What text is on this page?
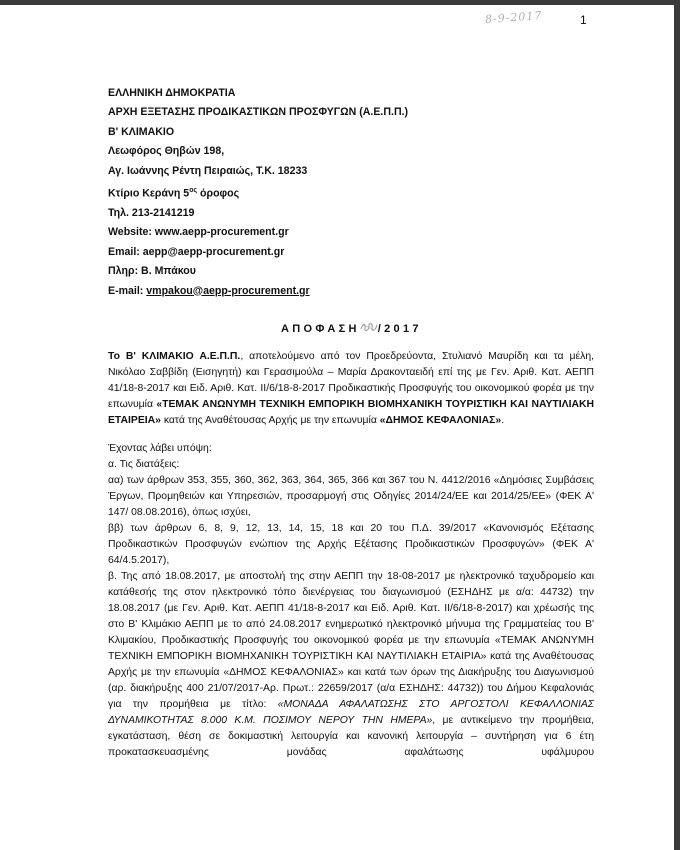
8-9-2017	1
ΕΛΛΗΝΙΚΗ ΔΗΜΟΚΡΑΤΙΑ
ΑΡΧΗ ΕΞΕΤΑΣΗΣ ΠΡΟΔΙΚΑΣΤΙΚΩΝ ΠΡΟΣΦΥΓΩΝ (Α.Ε.Π.Π.)
Β' ΚΛΙΜΑΚΙΟ
Λεωφόρος Θηβών 198,
Αγ. Ιωάννης Ρέντη Πειραιώς, Τ.Κ. 18233
Κτίριο Κεράνη $5^{o\varsigma}$ όροφος
Τηλ. 213-2141219
Website: www.aepp-procurement.gr
Email: aepp@aepp-procurement.gr
Πληρ: Β. Μπάκου
E-mail: vmpakou@aepp-procurement.gr
ΑΠΟΦΑΣΗ /2017

Το Β' ΚΛΙΜΑΚΙΟ Α.Ε.Π.Π., αποτελούμενο από τον Προεδρεύοντα, Στυλιανό Μαυρίδη και τα μέλη, Νικόλαο Σαββίδη (Εισηγητή) και Γερασιμούλα – Μαρία Δρακονταειδή επί της με Γεν. Αριθ. Κατ. ΑΕΠΠ 41/18-8-2017 και Ειδ. Αριθ. Κατ. ΙΙ/6/18-8-2017 Προδικαστικής Προσφυγής του οικονομικού φορέα με την επωνυμία «ΤΕΜΑΚ ΑΝΩΝΥΜΗ ΤΕΧΝΙΚΗ ΕΜΠΟΡΙΚΗ ΒΙΟΜΗΧΑΝΙΚΗ ΤΟΥΡΙΣΤΙΚΗ ΚΑΙ ΝΑΥΤΙΛΙΑΚΗ ΕΤΑΙΡΕΙΑ» κατά της Αναθέτουσας Αρχής με την επωνυμία «ΔΗΜΟΣ ΚΕΦΑΛΟΝΙΑΣ».

Έχοντας λάβει υπόψη:

α. Τις διατάξεις:

αα) των άρθρων 353, 355, 360, 362, 363, 364, 365, 366 και 367 του Ν. 4412/2016 «Δημόσιες Συμβάσεις Έργων, Προμηθειών και Υπηρεσιών, προσαρμογή στις Οδηγίες 2014/24/ΕΕ και 2014/25/ΕΕ» (ΦΕΚ Α' 147/ 08.08.2016), όπως ισχύει,

ββ) των άρθρων 6, 8, 9, 12, 13, 14, 15, 18 και 20 του Π.Δ. 39/2017 «Κανονισμός Εξέτασης Προδικαστικών Προσφυγών ενώπιον της Αρχής Εξέτασης Προδικαστικών Προσφυγών» (ΦΕΚ Α' 64/4.5.2017),

β. Της από 18.08.2017, με αποστολή της στην ΑΕΠΠ την 18-08-2017 με ηλεκτρονικό ταχυδρομείο και κατάθεσής της στον ηλεκτρονικό τόπο διενέργειας του διαγωνισμού (ΕΣΗΔΗΣ με α/α: 44732) την 18.08.2017 (με Γεν. Αριθ. Κατ. ΑΕΠΠ 41/18-8-2017 και Ειδ. Αριθ. Κατ. ΙΙ/6/18-8-2017) και χρέωσής της στο Β' Κλιμάκιο ΑΕΠΠ με το από 24.08.2017 ενημερωτικό ηλεκτρονικό μήνυμα της Γραμματείας του Β' Κλιμακίου, Προδικαστικής Προσφυγής του οικονομικού φορέα με την επωνυμία «ΤΕΜΑΚ ΑΝΩΝΥΜΗ ΤΕΧΝΙΚΗ ΕΜΠΟΡΙΚΗ ΒΙΟΜΗΧΑΝΙΚΗ ΤΟΥΡΙΣΤΙΚΗ ΚΑΙ ΝΑΥΤΙΛΙΑΚΗ ΕΤΑΙΡΙΑ» κατά της Αναθέτουσας Αρχής με την επωνυμία «ΔΗΜΟΣ ΚΕΦΑΛΟΝΙΑΣ» και κατά των όρων της Διακήρυξης του Διαγωνισμού (αρ. διακήρυξης 400 21/07/2017-Αρ. Πρωτ.: 22659/2017 (α/α ΕΣΗΔΗΣ: 44732)) του Δήμου Κεφαλονιάς για την προμήθεια με τίτλο: «ΜΟΝΑΔΑ ΑΦΑΛΑΤΩΣΗΣ ΣΤΟ ΑΡΓΟΣΤΟΛΙ ΚΕΦΑΛΛΟΝΙΑΣ ΔΥΝΑΜΙΚΟΤΗΤΑΣ 8.000 Κ.Μ. ΠΟΣΙΜΟΥ ΝΕΡΟΥ ΤΗΝ ΗΜΕΡΑ», με αντικείμενο την προμήθεια, εγκατάσταση, θέση σε δοκιμαστική λειτουργία και κανονική λειτουργία – συντήρηση για 6 έτη προκατασκευασμένης μονάδας αφαλάτωσης υφάλμυρου
